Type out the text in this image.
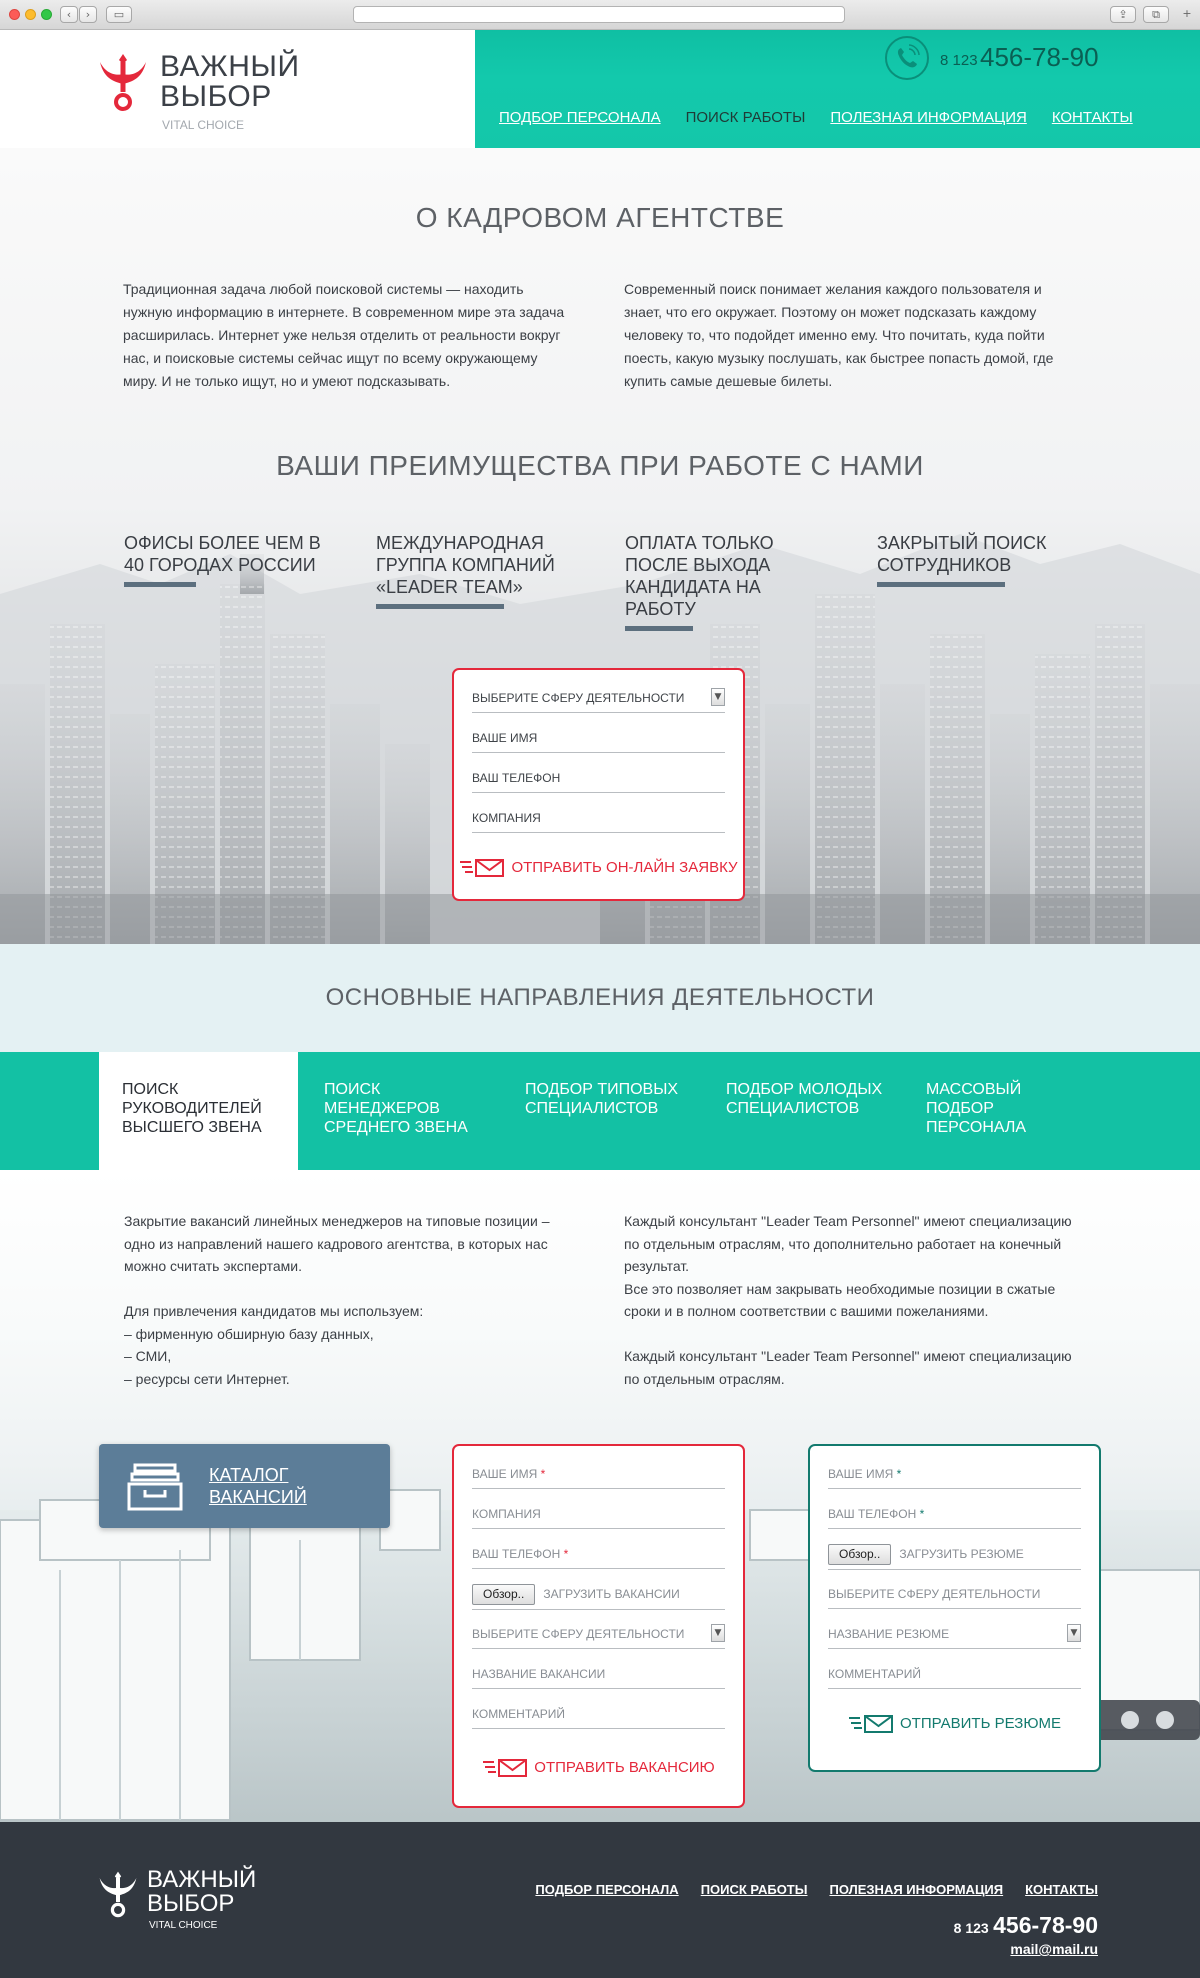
‹	›	▭	⇪	⧉	+
ВАЖНЫЙ ВЫБОР
VITAL CHOICE
8 123 456-78-90
ПОДБОР ПЕРСОНАЛА ПОИСК РАБОТЫ ПОЛЕЗНАЯ ИНФОРМАЦИЯ КОНТАКТЫ
О КАДРОВОМ АГЕНТСТВЕ

Традиционная задача любой поисковой системы — находить нужную информацию в интернете. В современном мире эта задача расширилась. Интернет уже нельзя отделить от реальности вокруг нас, и поисковые системы сейчас ищут по всему окружающему миру. И не только ищут, но и умеют подсказывать.

Современный поиск понимает желания каждого пользователя и знает, что его окружает. Поэтому он может подсказать каждому человеку то, что подойдет именно ему. Что почитать, куда пойти поесть, какую музыку послушать, как быстрее попасть домой, где купить самые дешевые билеты.

ВАШИ ПРЕИМУЩЕСТВА ПРИ РАБОТЕ С НАМИ
ОФИСЫ БОЛЕЕ ЧЕМ В 40 ГОРОДАХ РОССИИ
МЕЖДУНАРОДНАЯ ГРУППА КОМПАНИЙ «LEADER TEAM»
ОПЛАТА ТОЛЬКО ПОСЛЕ ВЫХОДА КАНДИДАТА НА РАБОТУ
ЗАКРЫТЫЙ ПОИСК СОТРУДНИКОВ
ВЫБЕРИТЕ СФЕРУ ДЕЯТЕЛЬНОСТИ	▼
ВАШЕ ИМЯ
ВАШ ТЕЛЕФОН
КОМПАНИЯ
ОТПРАВИТЬ ОН-ЛАЙН ЗАЯВКУ
ОСНОВНЫЕ НАПРАВЛЕНИЯ ДЕЯТЕЛЬНОСТИ
ПОИСК РУКОВОДИТЕЛЕЙ ВЫСШЕГО ЗВЕНА
ПОИСК МЕНЕДЖЕРОВ СРЕДНЕГО ЗВЕНА
ПОДБОР ТИПОВЫХ СПЕЦИАЛИСТОВ
ПОДБОР МОЛОДЫХ СПЕЦИАЛИСТОВ
МАССОВЫЙ ПОДБОР ПЕРСОНАЛА

Закрытие вакансий линейных менеджеров на типовые позиции – одно из направлений нашего кадрового агентства, в которых нас можно считать экспертами.

Для привлечения кандидатов мы используем:
– фирменную обширную базу данных,
– СМИ,
– ресурсы сети Интернет.

Каждый консультант "Leader Team Personnel" имеют специализацию по отдельным отраслям, что дополнительно работает на конечный результат.
Все это позволяет нам закрывать необходимые позиции в сжатые сроки и в полном соответствии с вашими пожеланиями.

Каждый консультант "Leader Team Personnel" имеют специализацию по отдельным отраслям.

КАТАЛОГ ВАКАНСИЙ
ВАШЕ ИМЯ *
КОМПАНИЯ
ВАШ ТЕЛЕФОН *
Обзор.. ЗАГРУЗИТЬ ВАКАНСИИ
ВЫБЕРИТЕ СФЕРУ ДЕЯТЕЛЬНОСТИ	▼
НАЗВАНИЕ ВАКАНСИИ
КОММЕНТАРИЙ
ОТПРАВИТЬ ВАКАНСИЮ
ВАШЕ ИМЯ *
ВАШ ТЕЛЕФОН *
Обзор.. ЗАГРУЗИТЬ РЕЗЮМЕ
ВЫБЕРИТЕ СФЕРУ ДЕЯТЕЛЬНОСТИ
НАЗВАНИЕ РЕЗЮМЕ	▼
КОММЕНТАРИЙ
ОТПРАВИТЬ РЕЗЮМЕ
ВАЖНЫЙ ВЫБОР
VITAL CHOICE
ПОДБОР ПЕРСОНАЛА ПОИСК РАБОТЫ ПОЛЕЗНАЯ ИНФОРМАЦИЯ КОНТАКТЫ
8 123 456-78-90
mail@mail.ru
